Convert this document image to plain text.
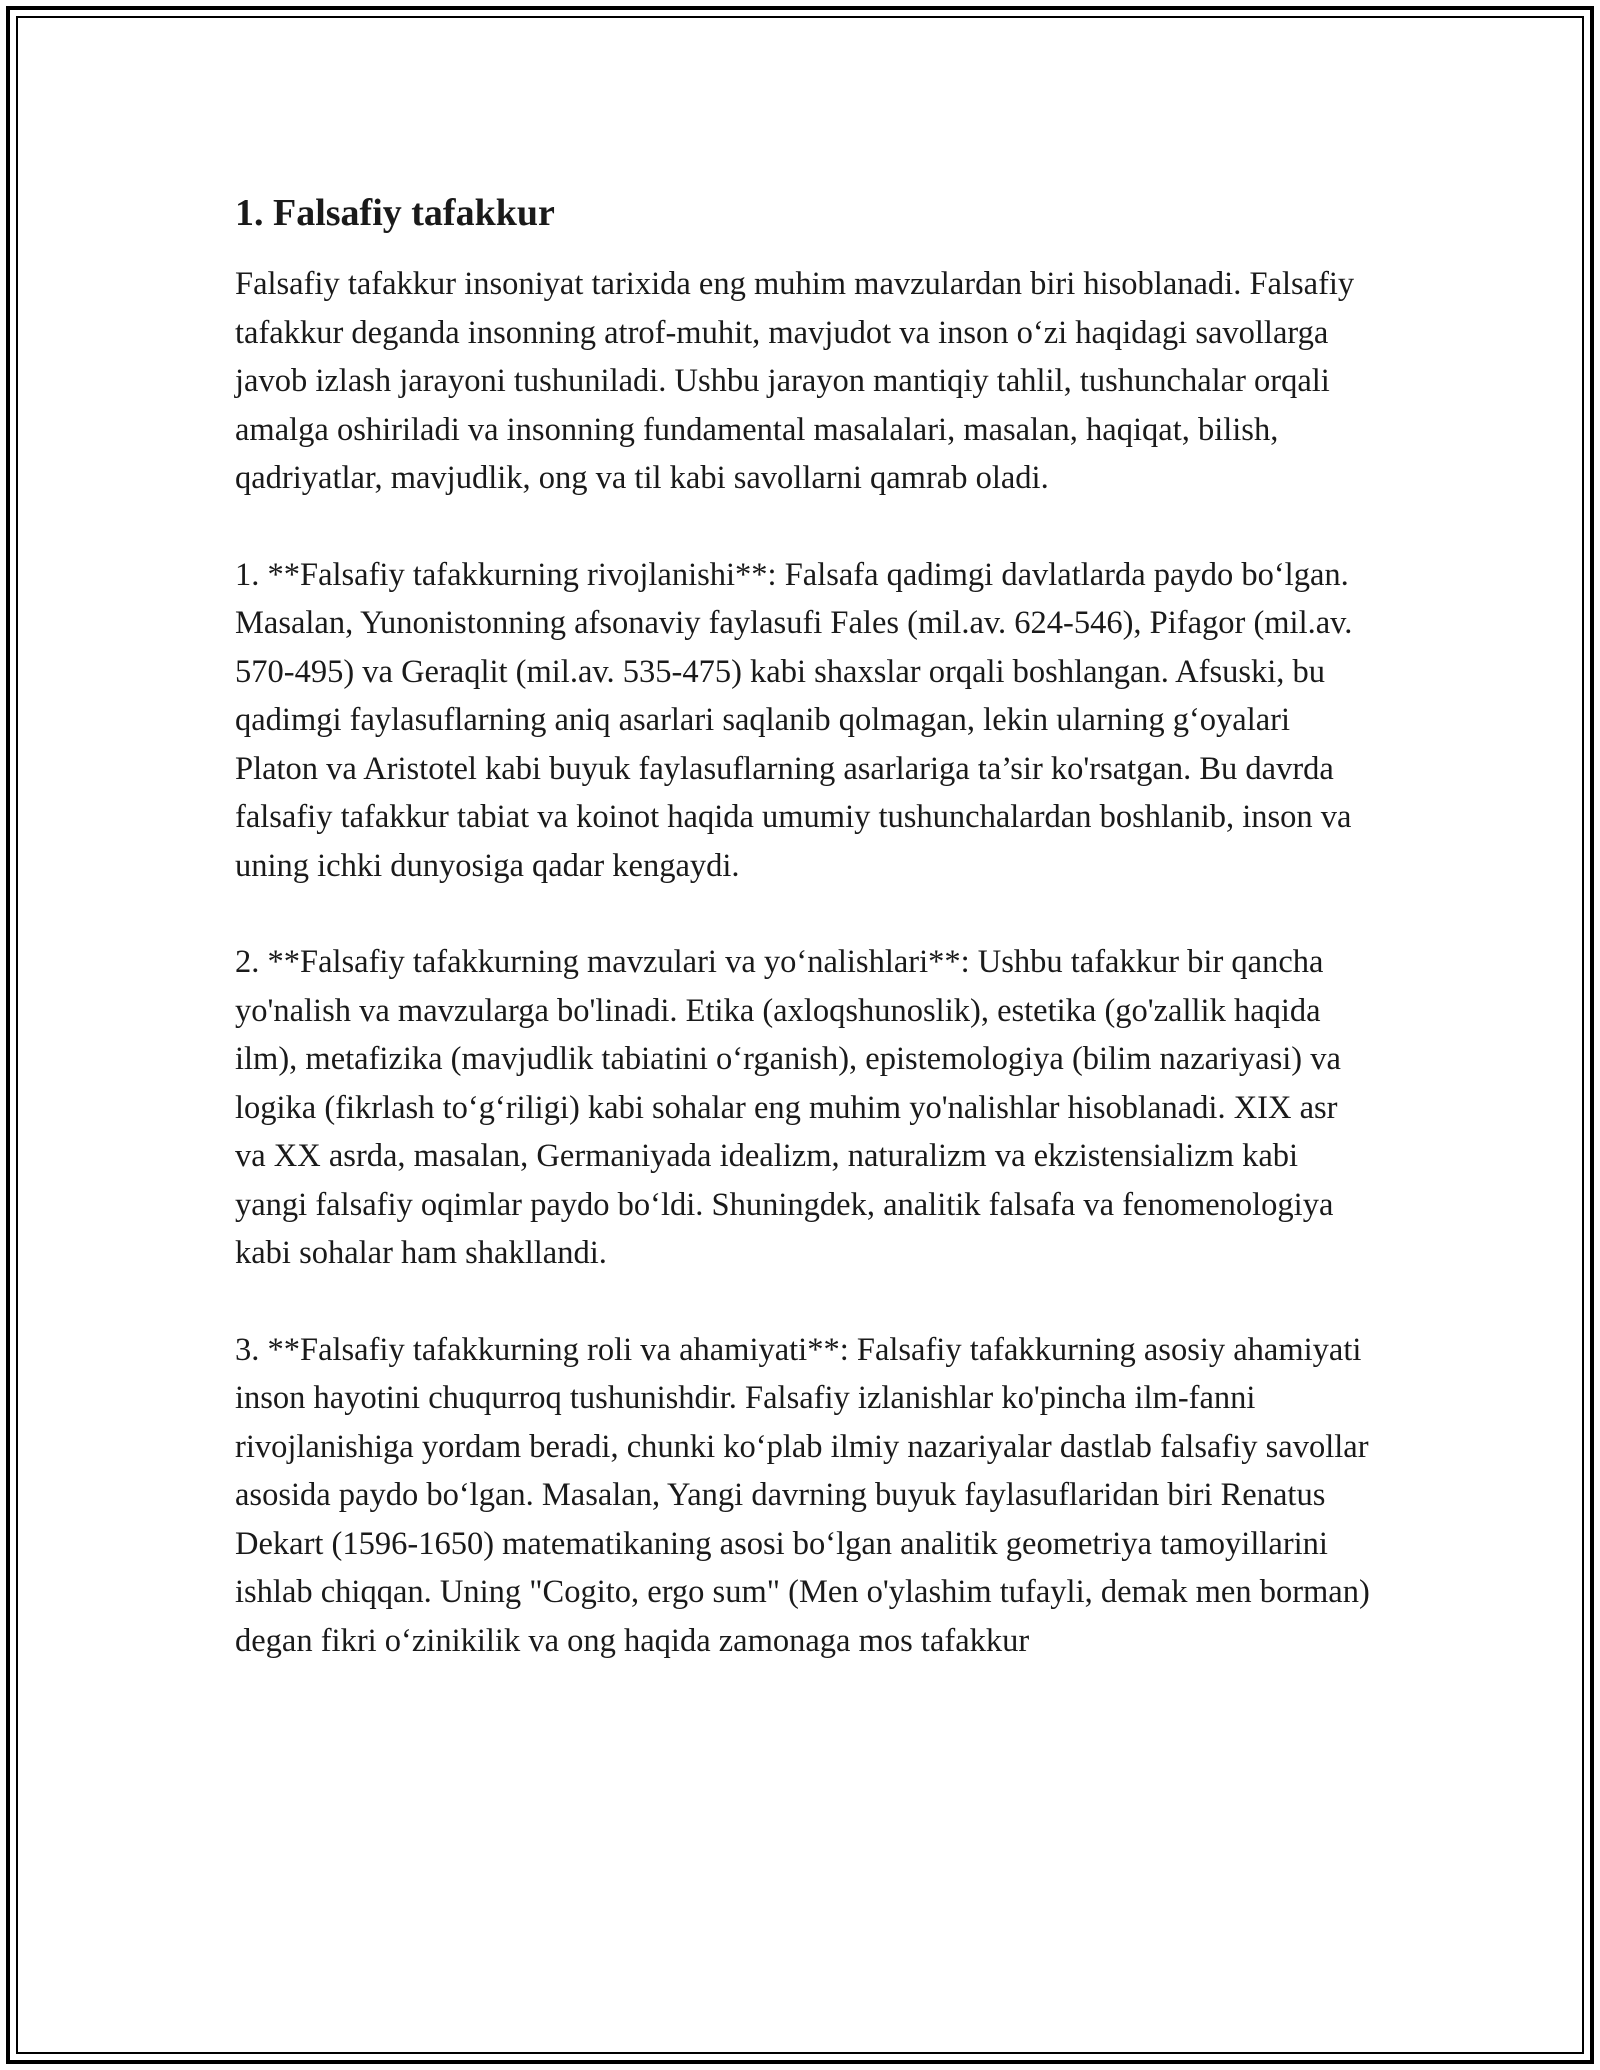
1. Falsafiy tafakkur

Falsafiy tafakkur insoniyat tarixida eng muhim mavzulardan biri hisoblanadi. Falsafiy tafakkur deganda insonning atrof-muhit, mavjudot va inson oʻzi haqidagi savollarga javob izlash jarayoni tushuniladi. Ushbu jarayon mantiqiy tahlil, tushunchalar orqali amalga oshiriladi va insonning fundamental masalalari, masalan, haqiqat, bilish, qadriyatlar, mavjudlik, ong va til kabi savollarni qamrab oladi.

1. **Falsafiy tafakkurning rivojlanishi**: Falsafa qadimgi davlatlarda paydo boʻlgan. Masalan, Yunonistonning afsonaviy faylasufi Fales (mil.av. 624-546), Pifagor (mil.av. 570-495) va Geraqlit (mil.av. 535-475) kabi shaxslar orqali boshlangan. Afsuski, bu qadimgi faylasuflarning aniq asarlari saqlanib qolmagan, lekin ularning gʻoyalari Platon va Aristotel kabi buyuk faylasuflarning asarlariga ta’sir ko'rsatgan. Bu davrda falsafiy tafakkur tabiat va koinot haqida umumiy tushunchalardan boshlanib, inson va uning ichki dunyosiga qadar kengaydi.

2. **Falsafiy tafakkurning mavzulari va yoʻnalishlari**: Ushbu tafakkur bir qancha yo'nalish va mavzularga bo'linadi. Etika (axloqshunoslik), estetika (go'zallik haqida ilm), metafizika (mavjudlik tabiatini oʻrganish), epistemologiya (bilim nazariyasi) va logika (fikrlash toʻgʻriligi) kabi sohalar eng muhim yo'nalishlar hisoblanadi. XIX asr va XX asrda, masalan, Germaniyada idealizm, naturalizm va ekzistensializm kabi yangi falsafiy oqimlar paydo boʻldi. Shuningdek, analitik falsafa va fenomenologiya kabi sohalar ham shakllandi.

3. **Falsafiy tafakkurning roli va ahamiyati**: Falsafiy tafakkurning asosiy ahamiyati inson hayotini chuqurroq tushunishdir. Falsafiy izlanishlar ko'pincha ilm-fanni rivojlanishiga yordam beradi, chunki koʻplab ilmiy nazariyalar dastlab falsafiy savollar asosida paydo boʻlgan. Masalan, Yangi davrning buyuk faylasuflaridan biri Renatus Dekart (1596-1650) matematikaning asosi boʻlgan analitik geometriya tamoyillarini ishlab chiqqan. Uning "Cogito, ergo sum" (Men o'ylashim tufayli, demak men borman) degan fikri oʻzinikilik va ong haqida zamonaga mos tafakkur
